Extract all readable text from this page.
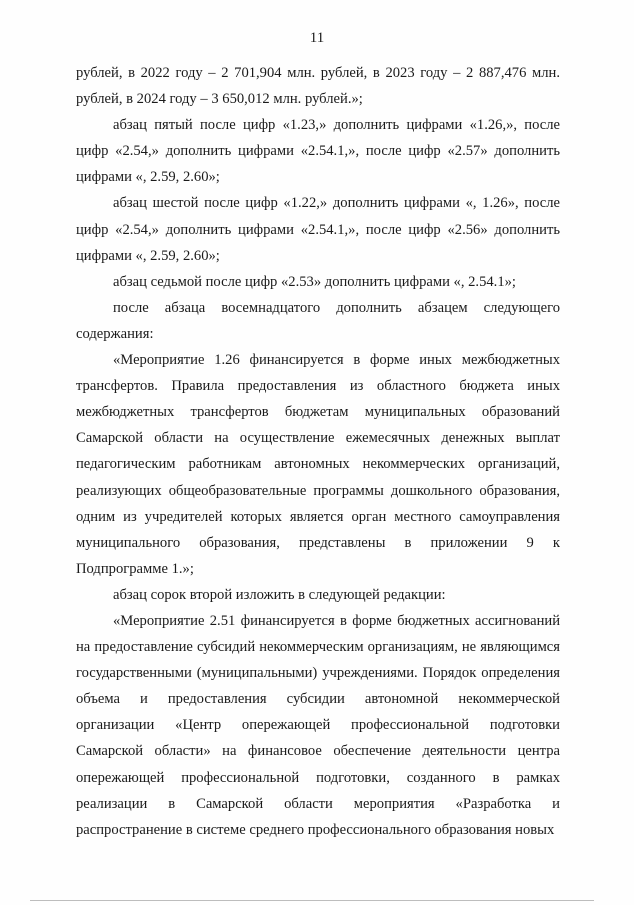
11

рублей, в 2022 году – 2 701,904 млн. рублей, в 2023 году – 2 887,476 млн. рублей, в 2024 году – 3 650,012 млн. рублей.»;

абзац пятый после цифр «1.23,» дополнить цифрами «1.26,», после цифр «2.54,» дополнить цифрами «2.54.1,», после цифр «2.57» дополнить цифрами «, 2.59, 2.60»;

абзац шестой после цифр «1.22,» дополнить цифрами «, 1.26», после цифр «2.54,» дополнить цифрами «2.54.1,», после цифр «2.56» дополнить цифрами «, 2.59, 2.60»;

абзац седьмой после цифр «2.53» дополнить цифрами «, 2.54.1»;

после абзаца восемнадцатого дополнить абзацем следующего содержания:

«Мероприятие 1.26 финансируется в форме иных межбюджетных трансфертов. Правила предоставления из областного бюджета иных межбюджетных трансфертов бюджетам муниципальных образований Самарской области на осуществление ежемесячных денежных выплат педагогическим работникам автономных некоммерческих организаций, реализующих общеобразовательные программы дошкольного образования, одним из учредителей которых является орган местного самоуправления муниципального образования, представлены в приложении 9 к Подпрограмме 1.»;

абзац сорок второй изложить в следующей редакции:

«Мероприятие 2.51 финансируется в форме бюджетных ассигнований на предоставление субсидий некоммерческим организациям, не являющимся государственными (муниципальными) учреждениями. Порядок определения объема и предоставления субсидии автономной некоммерческой организации «Центр опережающей профессиональной подготовки Самарской области» на финансовое обеспечение деятельности центра опережающей профессиональной подготовки, созданного в рамках реализации в Самарской области мероприятия «Разработка и распространение в системе среднего профессионального образования новых
